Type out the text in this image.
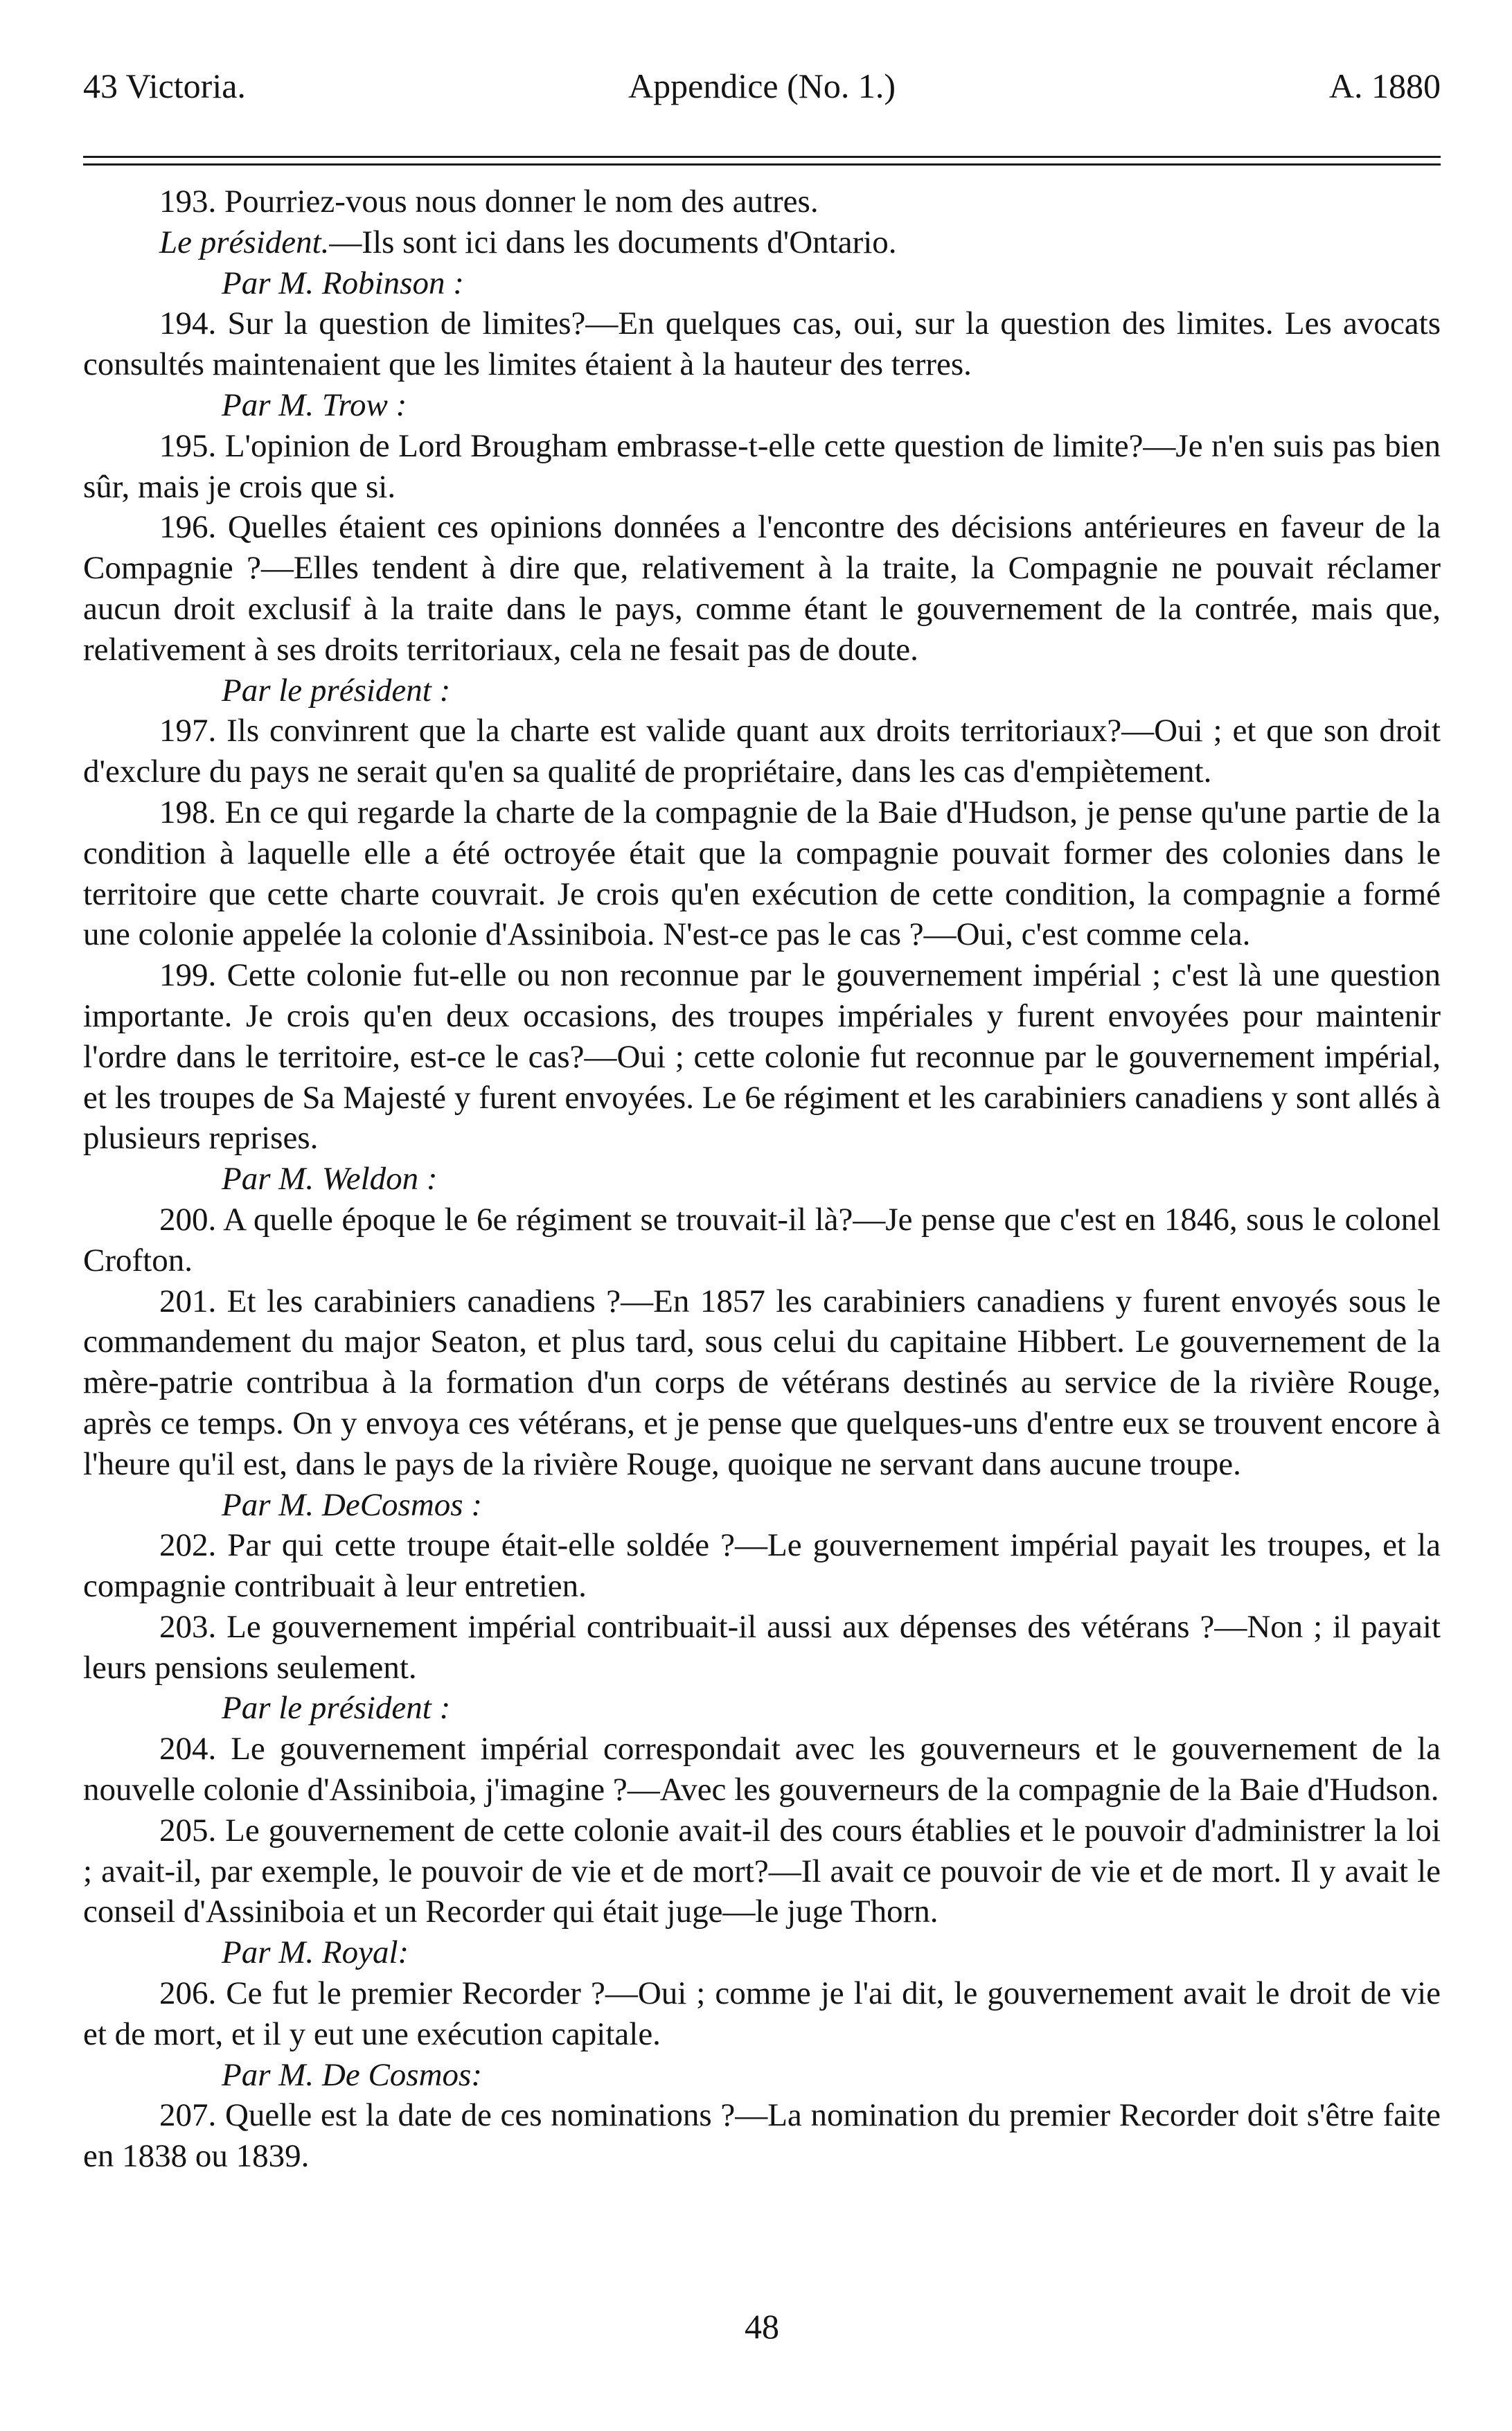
43 Victoria.	Appendice (No. 1.)	A. 1880

193. Pourriez-vous nous donner le nom des autres.

Le président.—Ils sont ici dans les documents d'Ontario.

Par M. Robinson :

194. Sur la question de limites?—En quelques cas, oui, sur la question des limites. Les avocats consultés maintenaient que les limites étaient à la hauteur des terres.

Par M. Trow :

195. L'opinion de Lord Brougham embrasse-t-elle cette question de limite?—Je n'en suis pas bien sûr, mais je crois que si.

196. Quelles étaient ces opinions données a l'encontre des décisions antérieures en faveur de la Compagnie ?—Elles tendent à dire que, relativement à la traite, la Compagnie ne pouvait réclamer aucun droit exclusif à la traite dans le pays, comme étant le gouvernement de la contrée, mais que, relativement à ses droits territoriaux, cela ne fesait pas de doute.

Par le président :

197. Ils convinrent que la charte est valide quant aux droits territoriaux?—Oui ; et que son droit d'exclure du pays ne serait qu'en sa qualité de propriétaire, dans les cas d'empiètement.

198. En ce qui regarde la charte de la compagnie de la Baie d'Hudson, je pense qu'une partie de la condition à laquelle elle a été octroyée était que la compagnie pouvait former des colonies dans le territoire que cette charte couvrait. Je crois qu'en exécution de cette condition, la compagnie a formé une colonie appelée la colonie d'Assiniboia. N'est-ce pas le cas ?—Oui, c'est comme cela.

199. Cette colonie fut-elle ou non reconnue par le gouvernement impérial ; c'est là une question importante. Je crois qu'en deux occasions, des troupes impériales y furent envoyées pour maintenir l'ordre dans le territoire, est-ce le cas?—Oui ; cette colonie fut reconnue par le gouvernement impérial, et les troupes de Sa Majesté y furent envoyées. Le 6e régiment et les carabiniers canadiens y sont allés à plusieurs reprises.

Par M. Weldon :

200. A quelle époque le 6e régiment se trouvait-il là?—Je pense que c'est en 1846, sous le colonel Crofton.

201. Et les carabiniers canadiens ?—En 1857 les carabiniers canadiens y furent envoyés sous le commandement du major Seaton, et plus tard, sous celui du capitaine Hibbert. Le gouvernement de la mère-patrie contribua à la formation d'un corps de vétérans destinés au service de la rivière Rouge, après ce temps. On y envoya ces vétérans, et je pense que quelques-uns d'entre eux se trouvent encore à l'heure qu'il est, dans le pays de la rivière Rouge, quoique ne servant dans aucune troupe.

Par M. DeCosmos :

202. Par qui cette troupe était-elle soldée ?—Le gouvernement impérial payait les troupes, et la compagnie contribuait à leur entretien.

203. Le gouvernement impérial contribuait-il aussi aux dépenses des vétérans ?—Non ; il payait leurs pensions seulement.

Par le président :

204. Le gouvernement impérial correspondait avec les gouverneurs et le gouvernement de la nouvelle colonie d'Assiniboia, j'imagine ?—Avec les gouverneurs de la compagnie de la Baie d'Hudson.

205. Le gouvernement de cette colonie avait-il des cours établies et le pouvoir d'administrer la loi ; avait-il, par exemple, le pouvoir de vie et de mort?—Il avait ce pouvoir de vie et de mort. Il y avait le conseil d'Assiniboia et un Recorder qui était juge—le juge Thorn.

Par M. Royal:

206. Ce fut le premier Recorder ?—Oui ; comme je l'ai dit, le gouvernement avait le droit de vie et de mort, et il y eut une exécution capitale.

Par M. De Cosmos:

207. Quelle est la date de ces nominations ?—La nomination du premier Recorder doit s'être faite en 1838 ou 1839.

48
